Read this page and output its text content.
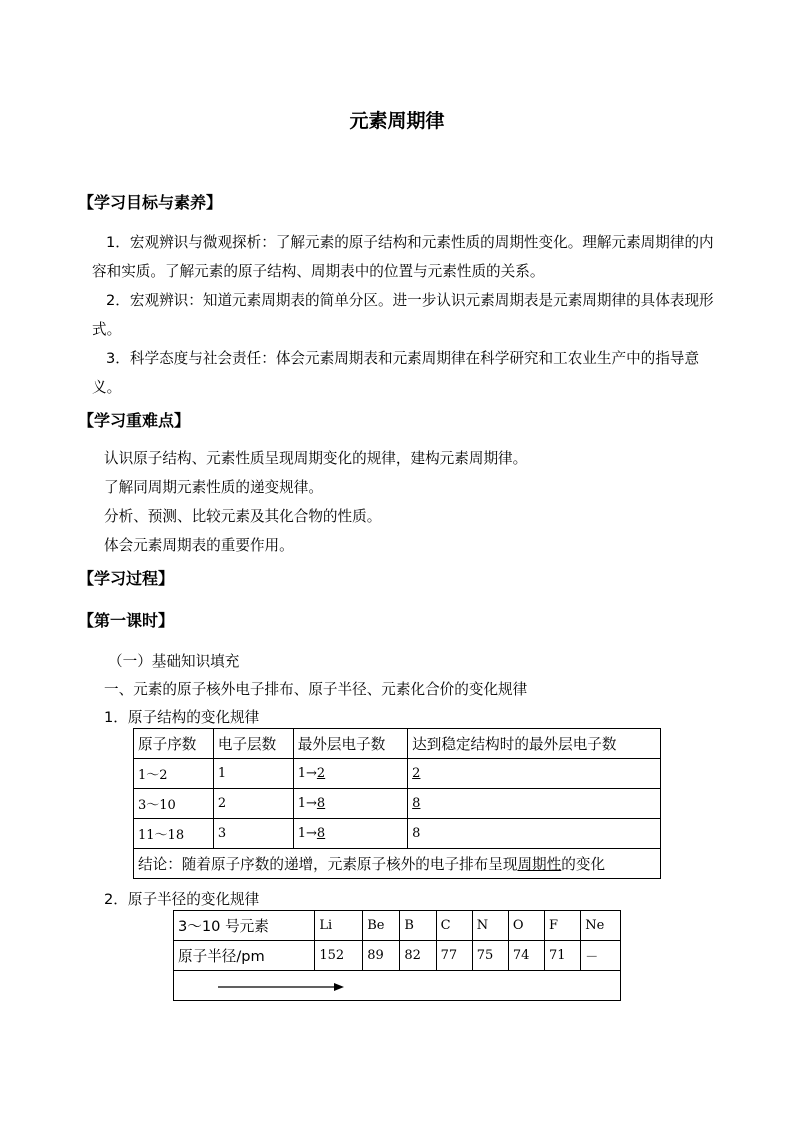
元素周期律
【学习目标与素养】
1．宏观辨识与微观探析：了解元素的原子结构和元素性质的周期性变化。理解元素周期律的内容和实质。了解元素的原子结构、周期表中的位置与元素性质的关系。
2．宏观辨识：知道元素周期表的简单分区。进一步认识元素周期表是元素周期律的具体表现形式。
3．科学态度与社会责任：体会元素周期表和元素周期律在科学研究和工农业生产中的指导意义。
【学习重难点】
认识原子结构、元素性质呈现周期变化的规律，建构元素周期律。
了解同周期元素性质的递变规律。
分析、预测、比较元素及其化合物的性质。
体会元素周期表的重要作用。
【学习过程】
【第一课时】
（一）基础知识填充
一、元素的原子核外电子排布、原子半径、元素化合价的变化规律
1．原子结构的变化规律
原子序数	电子层数	最外层电子数	达到稳定结构时的最外层电子数
1～2	1	1→2	2
3～10	2	1→8	8
11～18	3	1→8	8
结论：随着原子序数的递增，元素原子核外的电子排布呈现周期性的变化			
2．原子半径的变化规律
3～10 号元素	Li	Be	B	C	N	O	F	Ne
原子半径/pm	152	89	82	77	75	74	71	－
